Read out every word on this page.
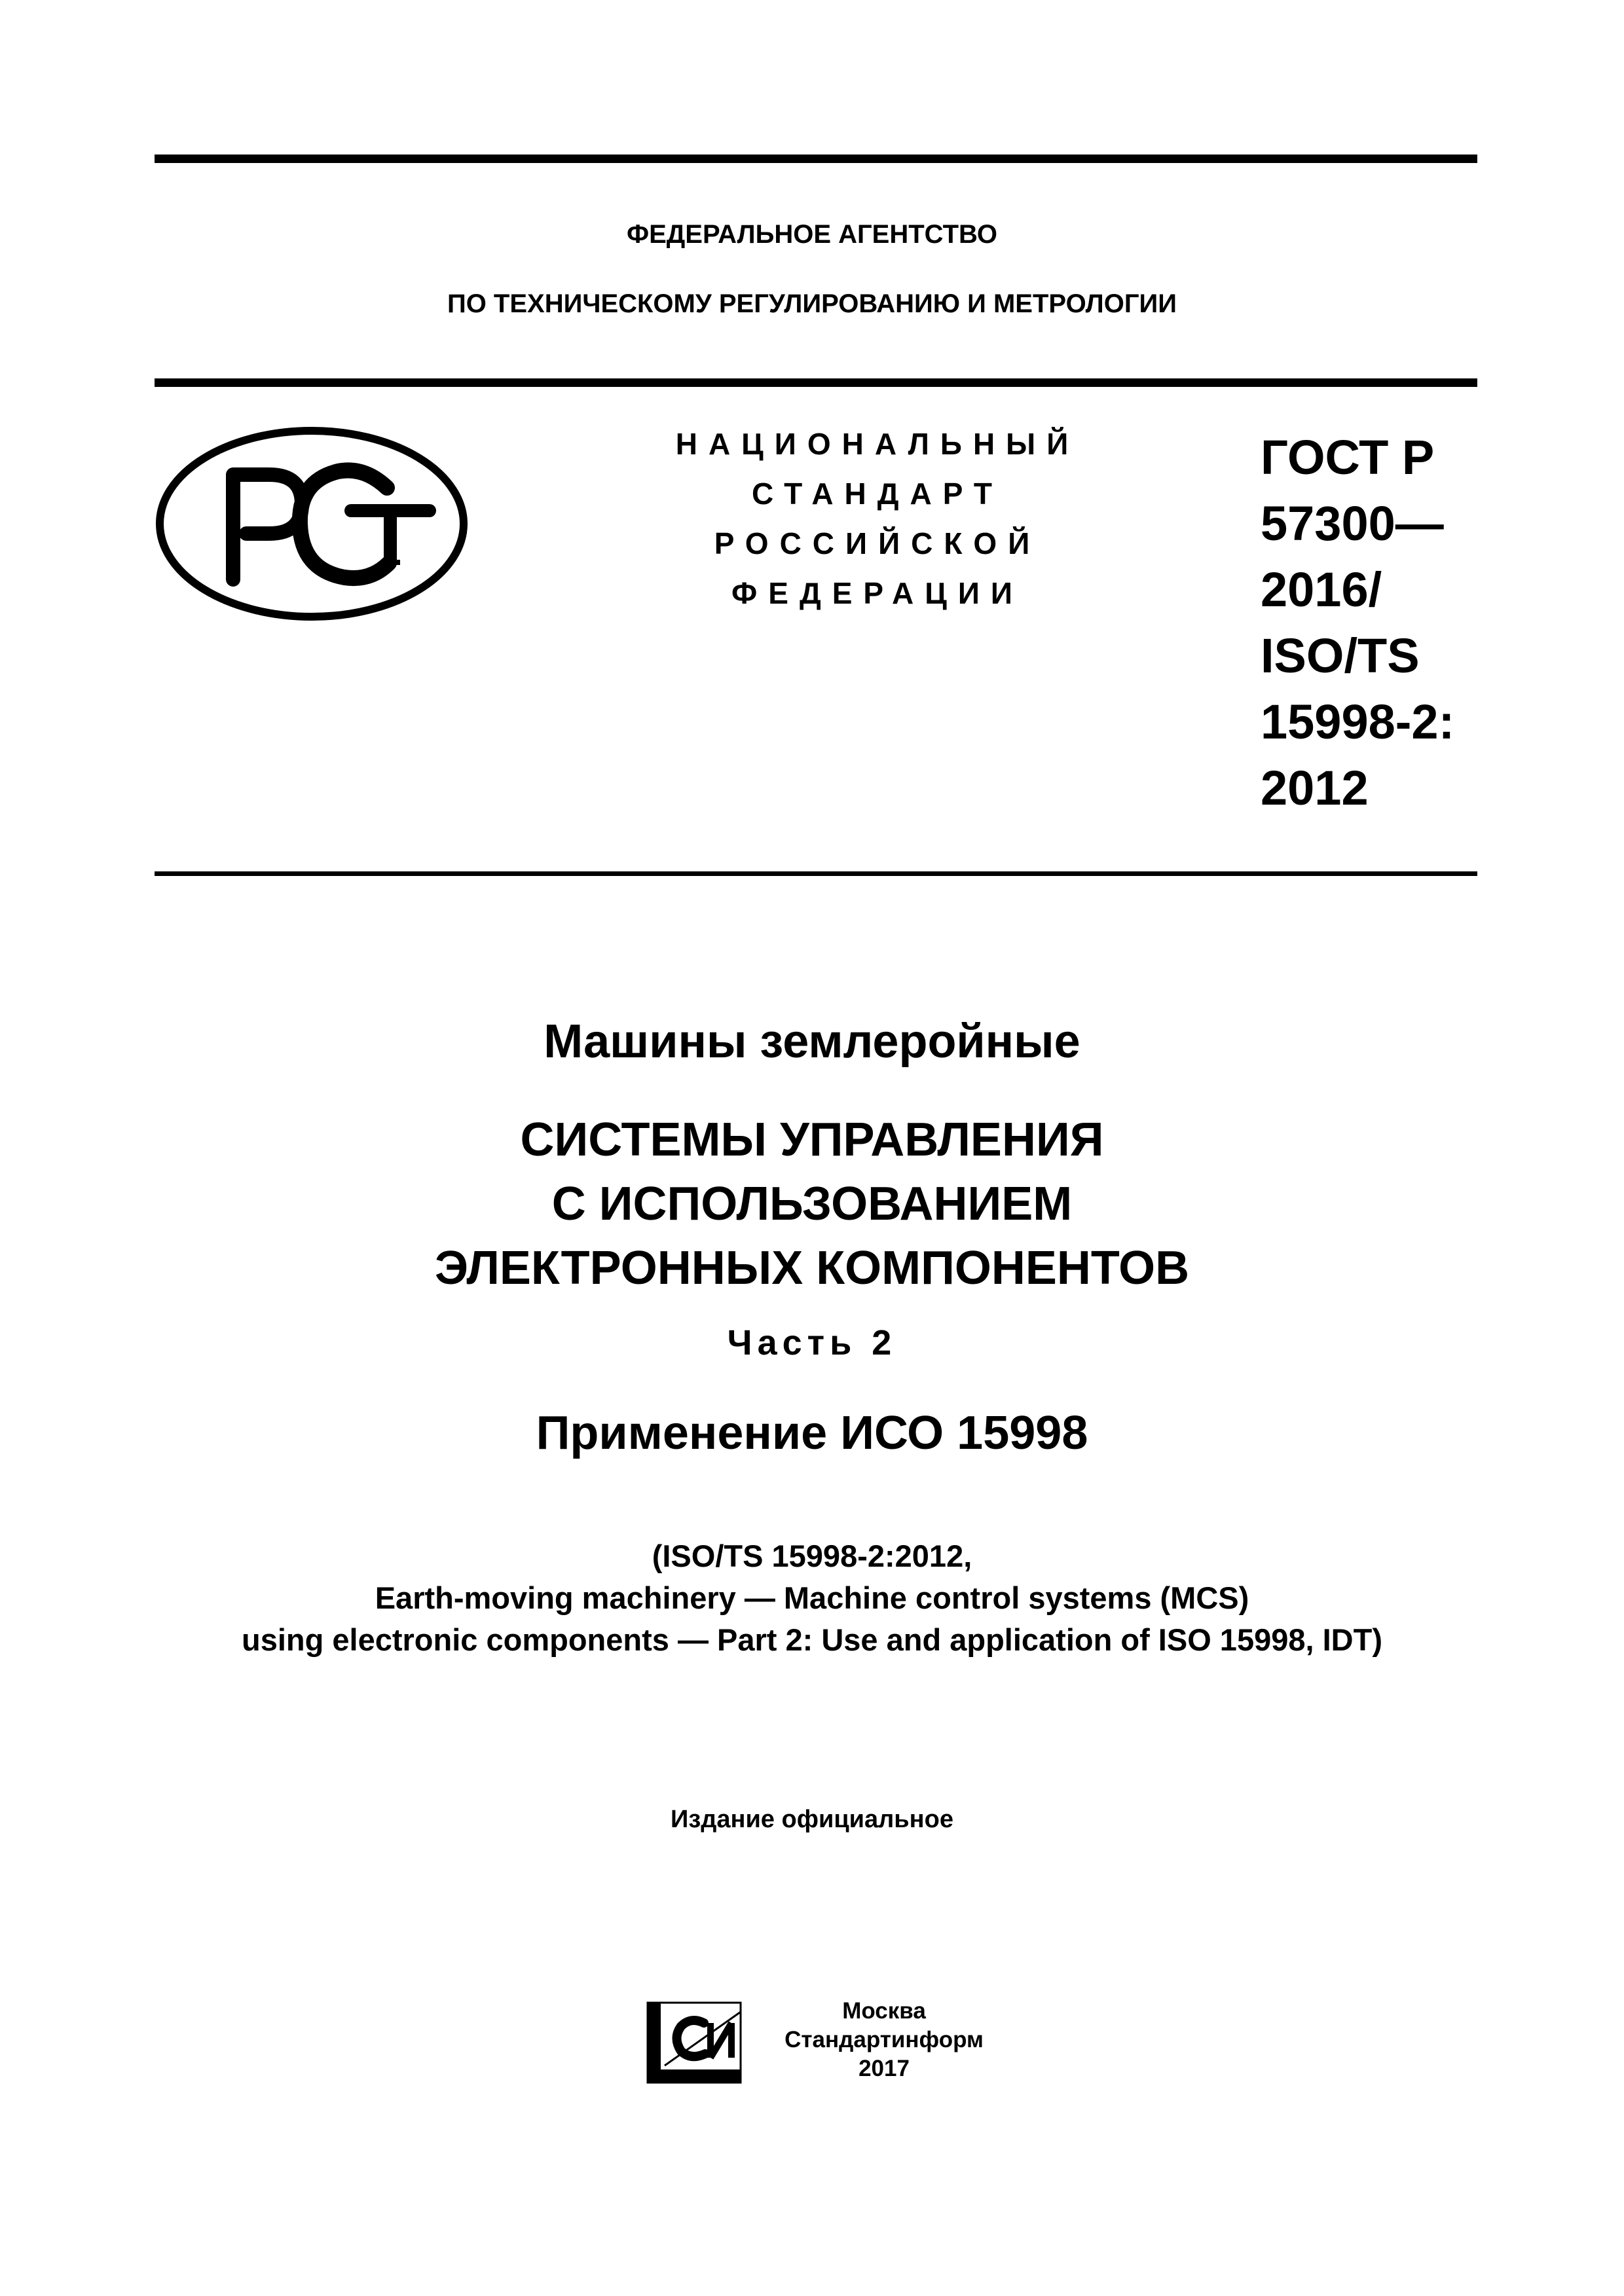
ФЕДЕРАЛЬНОЕ АГЕНТСТВО
ПО ТЕХНИЧЕСКОМУ РЕГУЛИРОВАНИЮ И МЕТРОЛОГИИ
НАЦИОНАЛЬНЫЙ
СТАНДАРТ
РОССИЙСКОЙ
ФЕДЕРАЦИИ
ГОСТ Р
57300—
2016/
ISO/TS
15998-2:
2012
Машины землеройные
СИСТЕМЫ УПРАВЛЕНИЯ
С ИСПОЛЬЗОВАНИЕМ
ЭЛЕКТРОННЫХ КОМПОНЕНТОВ
Часть 2
Применение ИСО 15998
(ISO/TS 15998-2:2012,
Earth-moving machinery — Machine control systems (MCS)
using electronic components — Part 2: Use and application of ISO 15998, IDT)
Издание официальное
Москва
Стандартинформ
2017
